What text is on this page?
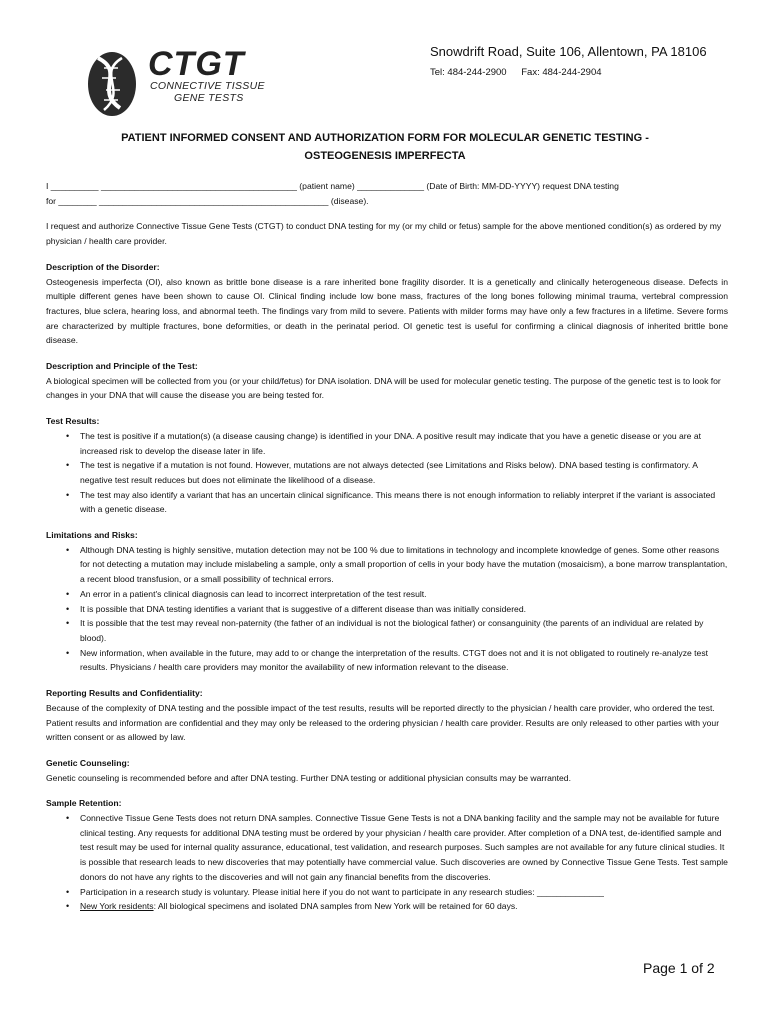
CTGT
CONNECTIVE TISSUE
GENE TESTS
Snowdrift Road, Suite 106, Allentown, PA 18106
Tel: 484-244-2900 Fax: 484-244-2904
PATIENT INFORMED CONSENT AND AUTHORIZATION FORM FOR MOLECULAR GENETIC TESTING -
OSTEOGENESIS IMPERFECTA

I __________ _________________________________________ (patient name) ______________ (Date of Birth: MM-DD-YYYY) request DNA testing

for ________ ________________________________________________ (disease).

I request and authorize Connective Tissue Gene Tests (CTGT) to conduct DNA testing for my (or my child or fetus) sample for the above mentioned condition(s) as ordered by my physician / health care provider.

Description of the Disorder:

Osteogenesis imperfecta (OI), also known as brittle bone disease is a rare inherited bone fragility disorder. It is a genetically and clinically heterogeneous disease. Defects in multiple different genes have been shown to cause OI. Clinical finding include low bone mass, fractures of the long bones following minimal trauma, vertebral compression fractures, blue sclera, hearing loss, and abnormal teeth. The findings vary from mild to severe. Patients with milder forms may have only a few fractures in a lifetime. Severe forms are characterized by multiple fractures, bone deformities, or death in the perinatal period. OI genetic test is useful for confirming a clinical diagnosis of inherited brittle bone disease.

Description and Principle of the Test:

A biological specimen will be collected from you (or your child/fetus) for DNA isolation. DNA will be used for molecular genetic testing. The purpose of the genetic test is to look for changes in your DNA that will cause the disease you are being tested for.

Test Results:

• The test is positive if a mutation(s) (a disease causing change) is identified in your DNA. A positive result may indicate that you have a genetic disease or you are at increased risk to develop the disease later in life.
• The test is negative if a mutation is not found. However, mutations are not always detected (see Limitations and Risks below). DNA based testing is confirmatory. A negative test result reduces but does not eliminate the likelihood of a disease.
• The test may also identify a variant that has an uncertain clinical significance. This means there is not enough information to reliably interpret if the variant is associated with a genetic disease.

Limitations and Risks:

• Although DNA testing is highly sensitive, mutation detection may not be 100 % due to limitations in technology and incomplete knowledge of genes. Some other reasons for not detecting a mutation may include mislabeling a sample, only a small proportion of cells in your body have the mutation (mosaicism), a bone marrow transplantation, a recent blood transfusion, or a small possibility of technical errors.
• An error in a patient's clinical diagnosis can lead to incorrect interpretation of the test result.
• It is possible that DNA testing identifies a variant that is suggestive of a different disease than was initially considered.
• It is possible that the test may reveal non-paternity (the father of an individual is not the biological father) or consanguinity (the parents of an individual are related by blood).
• New information, when available in the future, may add to or change the interpretation of the results. CTGT does not and it is not obligated to routinely re-analyze test results. Physicians / health care providers may monitor the availability of new information relevant to the disease.

Reporting Results and Confidentiality:

Because of the complexity of DNA testing and the possible impact of the test results, results will be reported directly to the physician / health care provider, who ordered the test. Patient results and information are confidential and they may only be released to the ordering physician / health care provider. Results are only released to other parties with your written consent or as allowed by law.

Genetic Counseling:

Genetic counseling is recommended before and after DNA testing. Further DNA testing or additional physician consults may be warranted.

Sample Retention:

• Connective Tissue Gene Tests does not return DNA samples. Connective Tissue Gene Tests is not a DNA banking facility and the sample may not be available for future clinical testing. Any requests for additional DNA testing must be ordered by your physician / health care provider. After completion of a DNA test, de-identified sample and test result may be used for internal quality assurance, educational, test validation, and research purposes. Such samples are not available for any future clinical studies. It is possible that research leads to new discoveries that may potentially have commercial value. Such discoveries are owned by Connective Tissue Gene Tests. Test sample donors do not have any rights to the discoveries and will not gain any financial benefits from the discoveries.
• Participation in a research study is voluntary. Please initial here if you do not want to participate in any research studies: ______________
• New York residents: All biological specimens and isolated DNA samples from New York will be retained for 60 days.
Page 1 of 2
